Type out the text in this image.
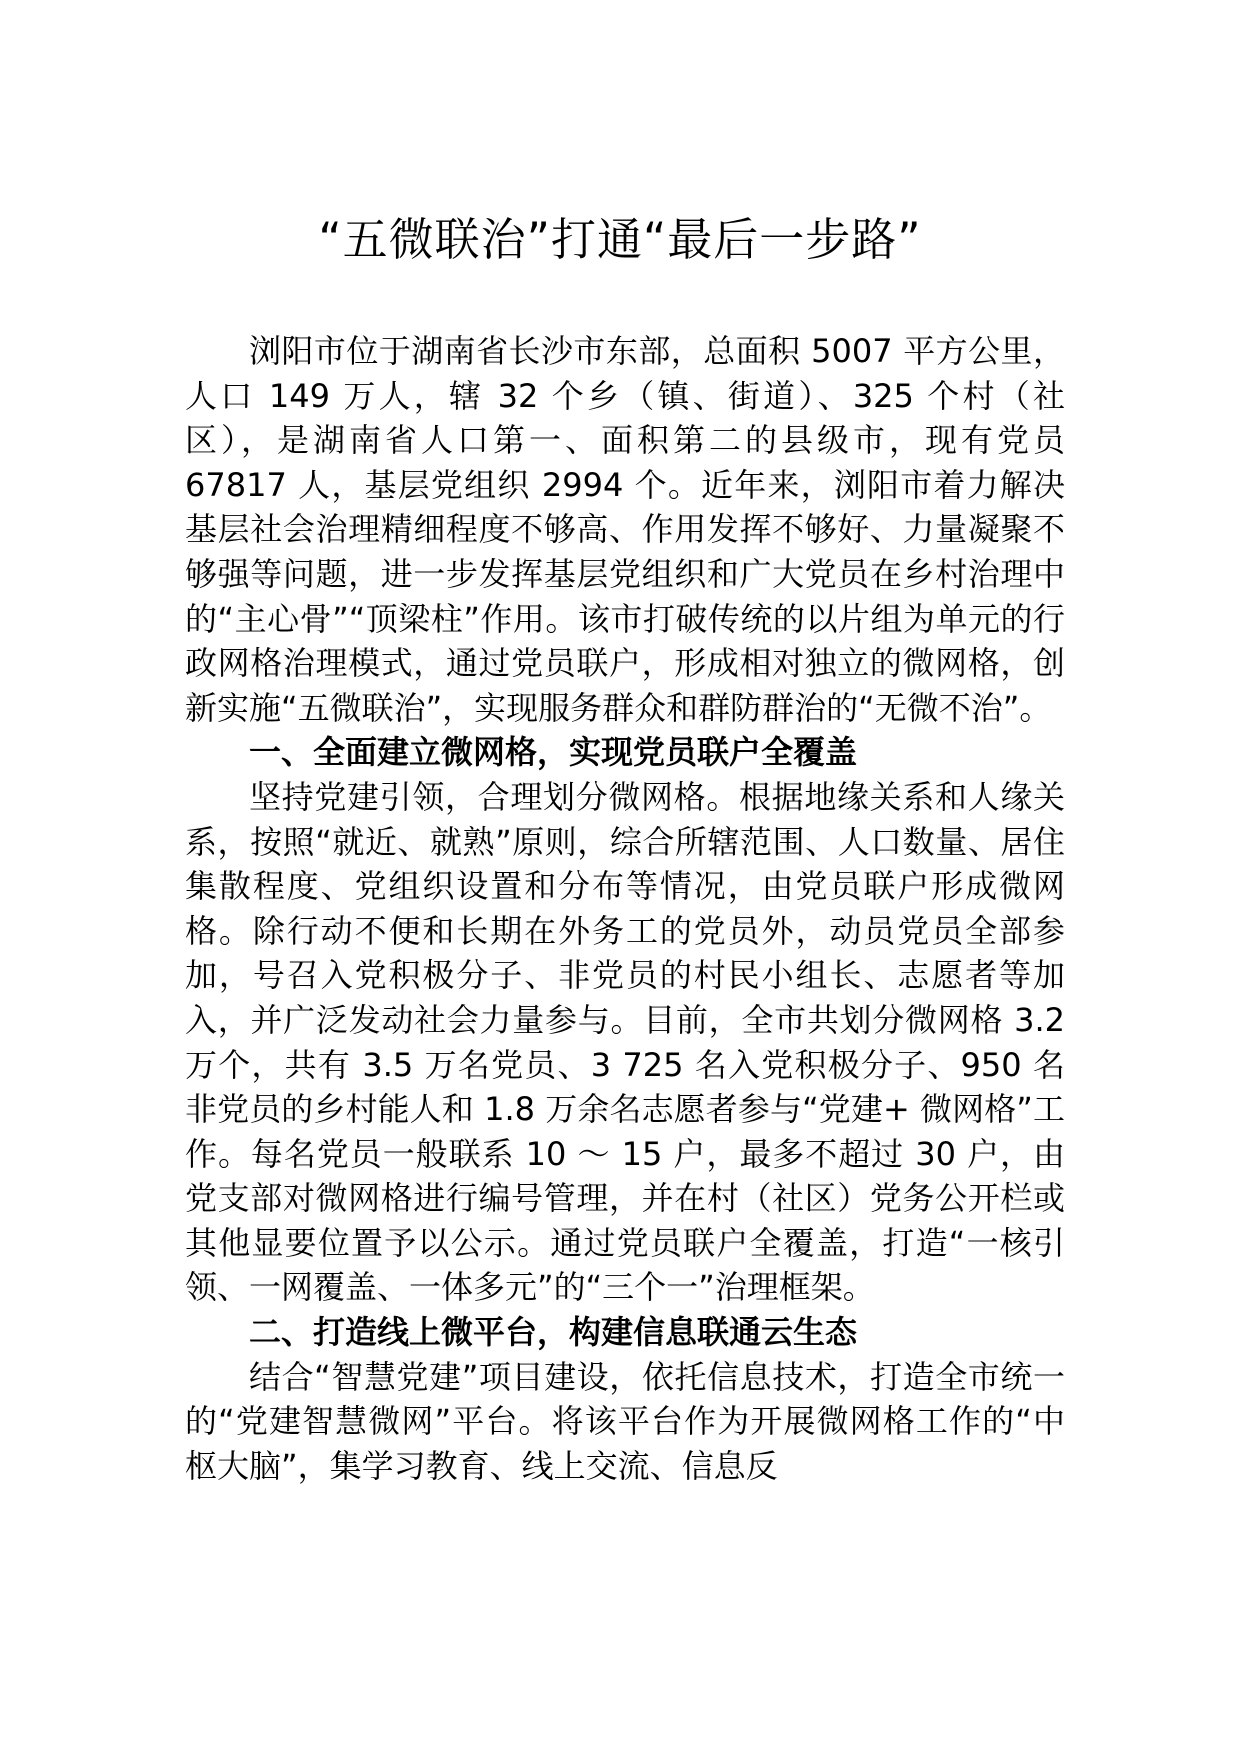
“五微联治”打通“最后一步路”

浏阳市位于湖南省长沙市东部，总面积 5007 平方公里，人口 149 万人，辖 32 个乡（镇、街道）、325 个村（社区），是湖南省人口第一、面积第二的县级市，现有党员67817 人，基层党组织 2994 个。近年来，浏阳市着力解决基层社会治理精细程度不够高、作用发挥不够好、力量凝聚不够强等问题，进一步发挥基层党组织和广大党员在乡村治理中的“主心骨”“顶梁柱”作用。该市打破传统的以片组为单元的行政网格治理模式，通过党员联户，形成相对独立的微网格，创新实施“五微联治”，实现服务群众和群防群治的“无微不治”。

一、全面建立微网格，实现党员联户全覆盖

坚持党建引领，合理划分微网格。根据地缘关系和人缘关系，按照“就近、就熟”原则，综合所辖范围、人口数量、居住集散程度、党组织设置和分布等情况，由党员联户形成微网格。除行动不便和长期在外务工的党员外，动员党员全部参加，号召入党积极分子、非党员的村民小组长、志愿者等加入，并广泛发动社会力量参与。目前，全市共划分微网格 3.2 万个，共有 3.5 万名党员、3 725 名入党积极分子、950 名非党员的乡村能人和 1.8 万余名志愿者参与“党建+ 微网格”工作。每名党员一般联系 10 ～ 15 户，最多不超过 30 户，由党支部对微网格进行编号管理，并在村（社区）党务公开栏或其他显要位置予以公示。通过党员联户全覆盖，打造“一核引领、一网覆盖、一体多元”的“三个一”治理框架。

二、打造线上微平台，构建信息联通云生态

结合“智慧党建”项目建设，依托信息技术，打造全市统一的“党建智慧微网”平台。将该平台作为开展微网格工作的“中枢大脑”，集学习教育、线上交流、信息反
